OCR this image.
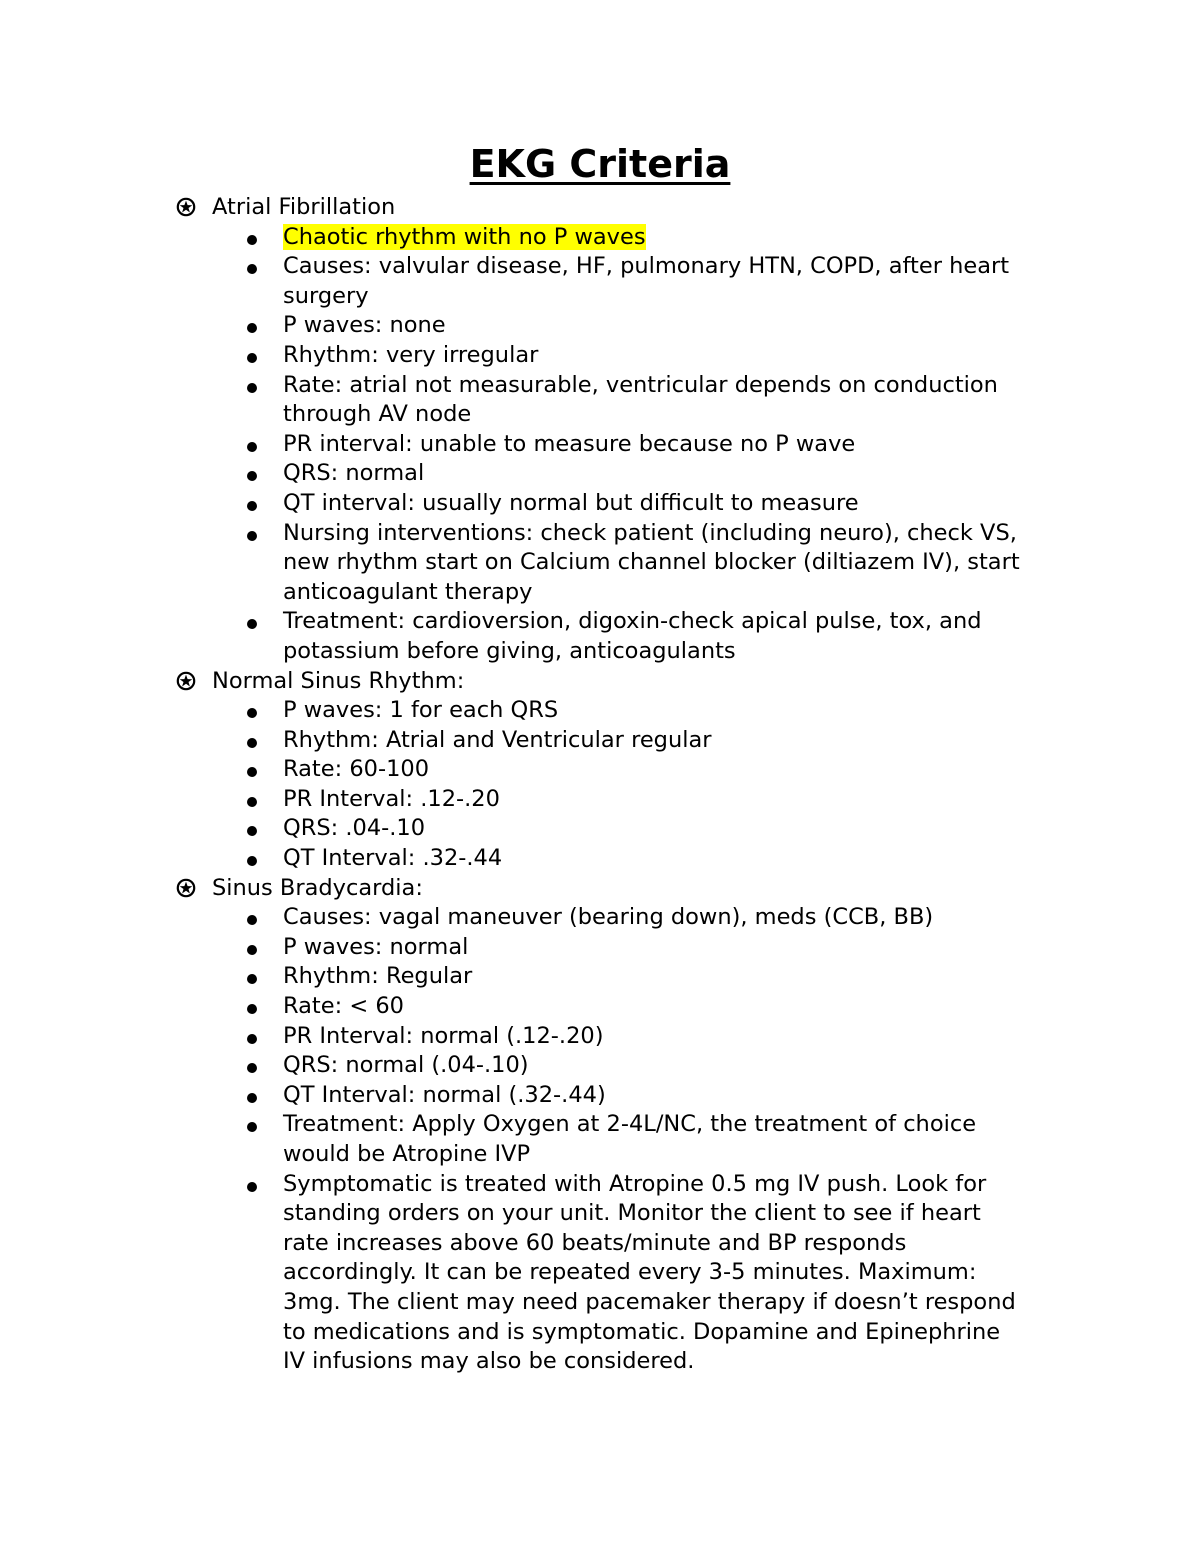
EKG Criteria
Atrial Fibrillation
Chaotic rhythm with no P waves
Causes: valvular disease, HF, pulmonary HTN, COPD, after heart
surgery
P waves: none
Rhythm: very irregular
Rate: atrial not measurable, ventricular depends on conduction
through AV node
PR interval: unable to measure because no P wave
QRS: normal
QT interval: usually normal but difficult to measure
Nursing interventions: check patient (including neuro), check VS,
new rhythm start on Calcium channel blocker (diltiazem IV), start
anticoagulant therapy
Treatment: cardioversion, digoxin-check apical pulse, tox, and
potassium before giving, anticoagulants
Normal Sinus Rhythm:
P waves: 1 for each QRS
Rhythm: Atrial and Ventricular regular
Rate: 60-100
PR Interval: .12-.20
QRS: .04-.10
QT Interval: .32-.44
Sinus Bradycardia:
Causes: vagal maneuver (bearing down), meds (CCB, BB)
P waves: normal
Rhythm: Regular
Rate: < 60
PR Interval: normal (.12-.20)
QRS: normal (.04-.10)
QT Interval: normal (.32-.44)
Treatment: Apply Oxygen at 2-4L/NC, the treatment of choice
would be Atropine IVP
Symptomatic is treated with Atropine 0.5 mg IV push. Look for
standing orders on your unit. Monitor the client to see if heart
rate increases above 60 beats/minute and BP responds
accordingly. It can be repeated every 3-5 minutes. Maximum:
3mg. The client may need pacemaker therapy if doesn’t respond
to medications and is symptomatic. Dopamine and Epinephrine
IV infusions may also be considered.
